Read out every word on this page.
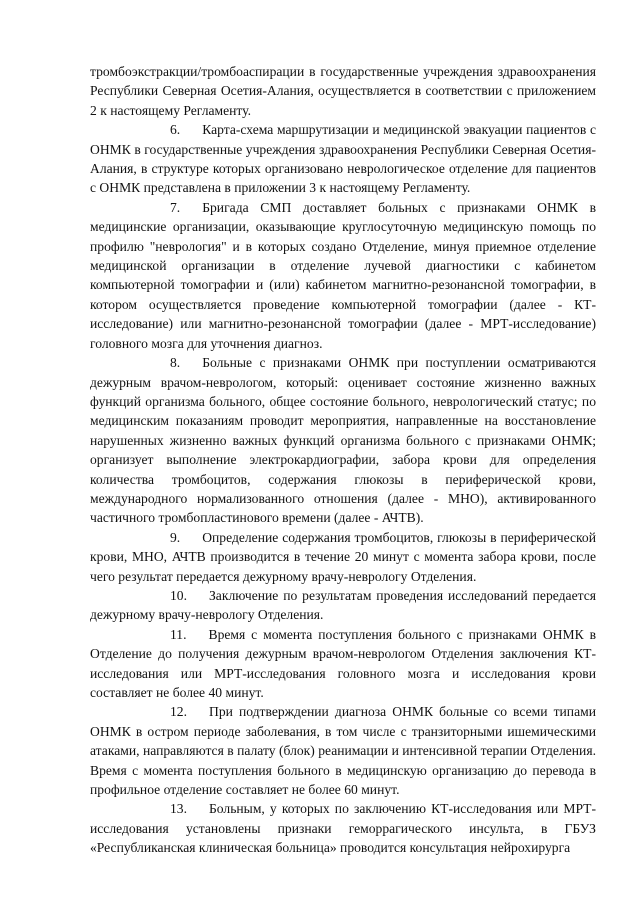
тромбоэкстракции/тромбоаспирации в государственные учреждения здравоохранения Республики Северная Осетия-Алания, осуществляется в соответствии с приложением 2 к настоящему Регламенту.

6. Карта-схема маршрутизации и медицинской эвакуации пациентов с ОНМК в государственные учреждения здравоохранения Республики Северная Осетия-Алания, в структуре которых организовано неврологическое отделение для пациентов с ОНМК представлена в приложении 3 к настоящему Регламенту.

7. Бригада СМП доставляет больных с признаками ОНМК в медицинские организации, оказывающие круглосуточную медицинскую помощь по профилю "неврология" и в которых создано Отделение, минуя приемное отделение медицинской организации в отделение лучевой диагностики с кабинетом компьютерной томографии и (или) кабинетом магнитно-резонансной томографии, в котором осуществляется проведение компьютерной томографии (далее - КТ-исследование) или магнитно-резонансной томографии (далее - МРТ-исследование) головного мозга для уточнения диагноз.

8. Больные с признаками ОНМК при поступлении осматриваются дежурным врачом-неврологом, который: оценивает состояние жизненно важных функций организма больного, общее состояние больного, неврологический статус; по медицинским показаниям проводит мероприятия, направленные на восстановление нарушенных жизненно важных функций организма больного с признаками ОНМК; организует выполнение электрокардиографии, забора крови для определения количества тромбоцитов, содержания глюкозы в периферической крови, международного нормализованного отношения (далее - МНО), активированного частичного тромбопластинового времени (далее - АЧТВ).

9. Определение содержания тромбоцитов, глюкозы в периферической крови, МНО, АЧТВ производится в течение 20 минут с момента забора крови, после чего результат передается дежурному врачу-неврологу Отделения.

10. Заключение по результатам проведения исследований передается дежурному врачу-неврологу Отделения.

11. Время с момента поступления больного с признаками ОНМК в Отделение до получения дежурным врачом-неврологом Отделения заключения КТ-исследования или МРТ-исследования головного мозга и исследования крови составляет не более 40 минут.

12. При подтверждении диагноза ОНМК больные со всеми типами ОНМК в остром периоде заболевания, в том числе с транзиторными ишемическими атаками, направляются в палату (блок) реанимации и интенсивной терапии Отделения. Время с момента поступления больного в медицинскую организацию до перевода в профильное отделение составляет не более 60 минут.

13. Больным, у которых по заключению КТ-исследования или МРТ-исследования установлены признаки геморрагического инсульта, в ГБУЗ «Республиканская клиническая больница» проводится консультация нейрохирурга
